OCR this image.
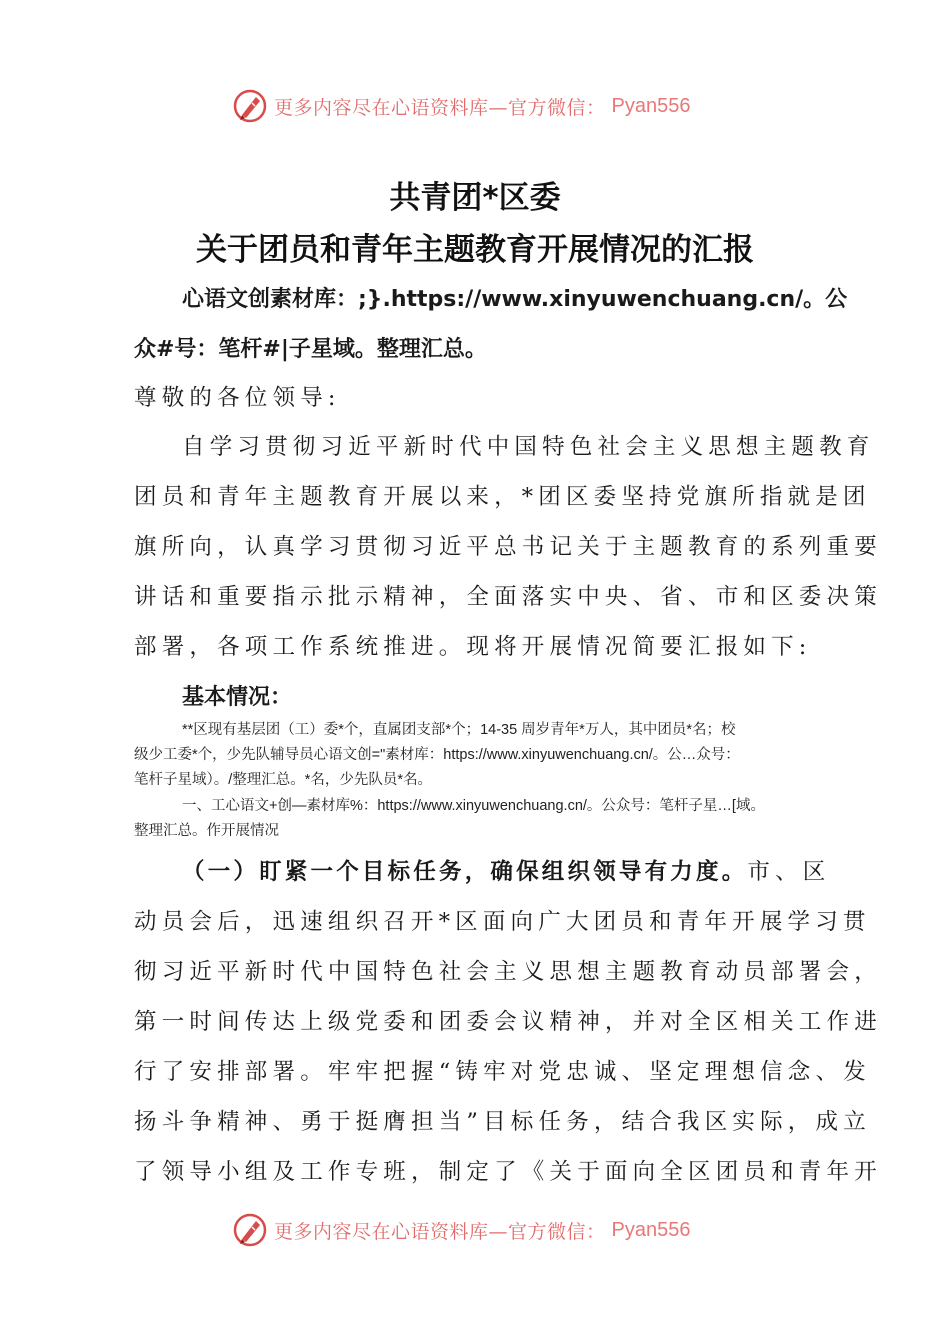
更多内容尽在心语资料库—官方微信： Pyan556
共青团*区委
关于团员和青年主题教育开展情况的汇报
心语文创素材库：;}.https://www.xinyuwenchuang.cn/。公
众#号：笔杆#|子星域。整理汇总。
尊敬的各位领导:
自学习贯彻习近平新时代中国特色社会主义思想主题教育
团员和青年主题教育开展以来，*团区委坚持党旗所指就是团
旗所向，认真学习贯彻习近平总书记关于主题教育的系列重要
讲话和重要指示批示精神，全面落实中央、省、市和区委决策
部署，各项工作系统推进。现将开展情况简要汇报如下:
基本情况：
**区现有基层团（工）委*个，直属团支部*个；14-35 周岁青年*万人，其中团员*名；校
级少工委*个，少先队辅导员心语文创="素材库：https://www.xinyuwenchuang.cn/。公…众号：
笔杆子星域）。/整理汇总。*名，少先队员*名。
一、工心语文+创—素材库%：https://www.xinyuwenchuang.cn/。公众号：笔杆子星…[域。
整理汇总。作开展情况
（一）盯紧一个目标任务，确保组织领导有力度。市、区
动员会后，迅速组织召开*区面向广大团员和青年开展学习贯
彻习近平新时代中国特色社会主义思想主题教育动员部署会，
第一时间传达上级党委和团委会议精神，并对全区相关工作进
行了安排部署。牢牢把握“铸牢对党忠诚、坚定理想信念、发
扬斗争精神、勇于挺膺担当”目标任务，结合我区实际，成立
了领导小组及工作专班，制定了《关于面向全区团员和青年开
更多内容尽在心语资料库—官方微信： Pyan556
